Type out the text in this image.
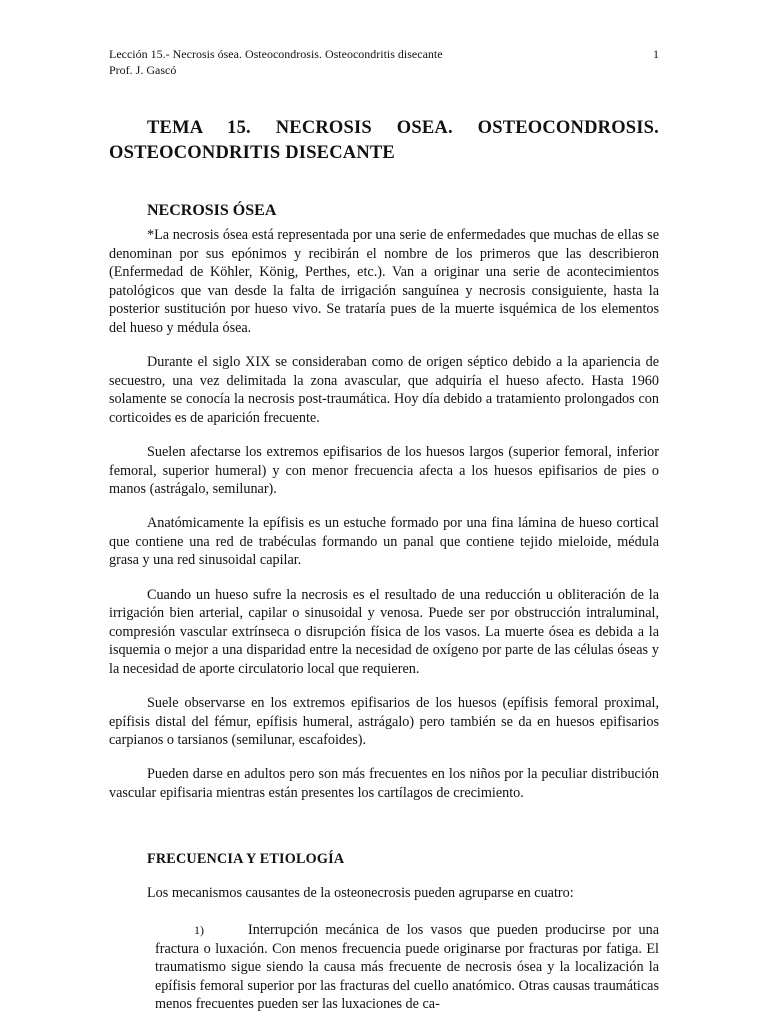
Lección 15.- Necrosis ósea. Osteocondrosis. Osteocondritis disecante
Prof. J. Gascó
1
TEMA 15. NECROSIS OSEA. OSTEOCONDROSIS. OSTEOCONDRITIS DISECANTE
NECROSIS ÓSEA

*La necrosis ósea está representada por una serie de enfermedades que muchas de ellas se denominan por sus epónimos y recibirán el nombre de los primeros que las describieron (Enfermedad de Köhler, König, Perthes, etc.). Van a originar una serie de acontecimientos patológicos que van desde la falta de irrigación sanguínea y necrosis consiguiente, hasta la posterior sustitución por hueso vivo. Se trataría pues de la muerte isquémica de los elementos del hueso y médula ósea.

Durante el siglo XIX se consideraban como de origen séptico debido a la apariencia de secuestro, una vez delimitada la zona avascular, que adquiría el hueso afecto. Hasta 1960 solamente se conocía la necrosis post-traumática. Hoy día debido a tratamiento prolongados con corticoides es de aparición frecuente.

Suelen afectarse los extremos epifisarios de los huesos largos (superior femoral, inferior femoral, superior humeral) y con menor frecuencia afecta a los huesos epifisarios de pies o manos (astrágalo, semilunar).

Anatómicamente la epífisis es un estuche formado por una fina lámina de hueso cortical que contiene una red de trabéculas formando un panal que contiene tejido mieloide, médula grasa y una red sinusoidal capilar.

Cuando un hueso sufre la necrosis es el resultado de una reducción u obliteración de la irrigación bien arterial, capilar o sinusoidal y venosa. Puede ser por obstrucción intraluminal, compresión vascular extrínseca o disrupción física de los vasos. La muerte ósea es debida a la isquemia o mejor a una disparidad entre la necesidad de oxígeno por parte de las células óseas y la necesidad de aporte circulatorio local que requieren.

Suele observarse en los extremos epifisarios de los huesos (epífisis femoral proximal, epífisis distal del fémur, epífisis humeral, astrágalo) pero también se da en huesos epifisarios carpianos o tarsianos (semilunar, escafoides).

Pueden darse en adultos pero son más frecuentes en los niños por la peculiar distribución vascular epifisaria mientras están presentes los cartílagos de crecimiento.

FRECUENCIA Y ETIOLOGÍA

Los mecanismos causantes de la osteonecrosis pueden agruparse en cuatro:

1)	Interrupción mecánica de los vasos que pueden producirse por una fractura o luxación. Con menos frecuencia puede originarse por fracturas por fatiga. El traumatismo sigue siendo la causa más frecuente de necrosis ósea y la localización la epífisis femoral superior por las fracturas del cuello anatómico. Otras causas traumáticas menos frecuentes pueden ser las luxaciones de ca-
